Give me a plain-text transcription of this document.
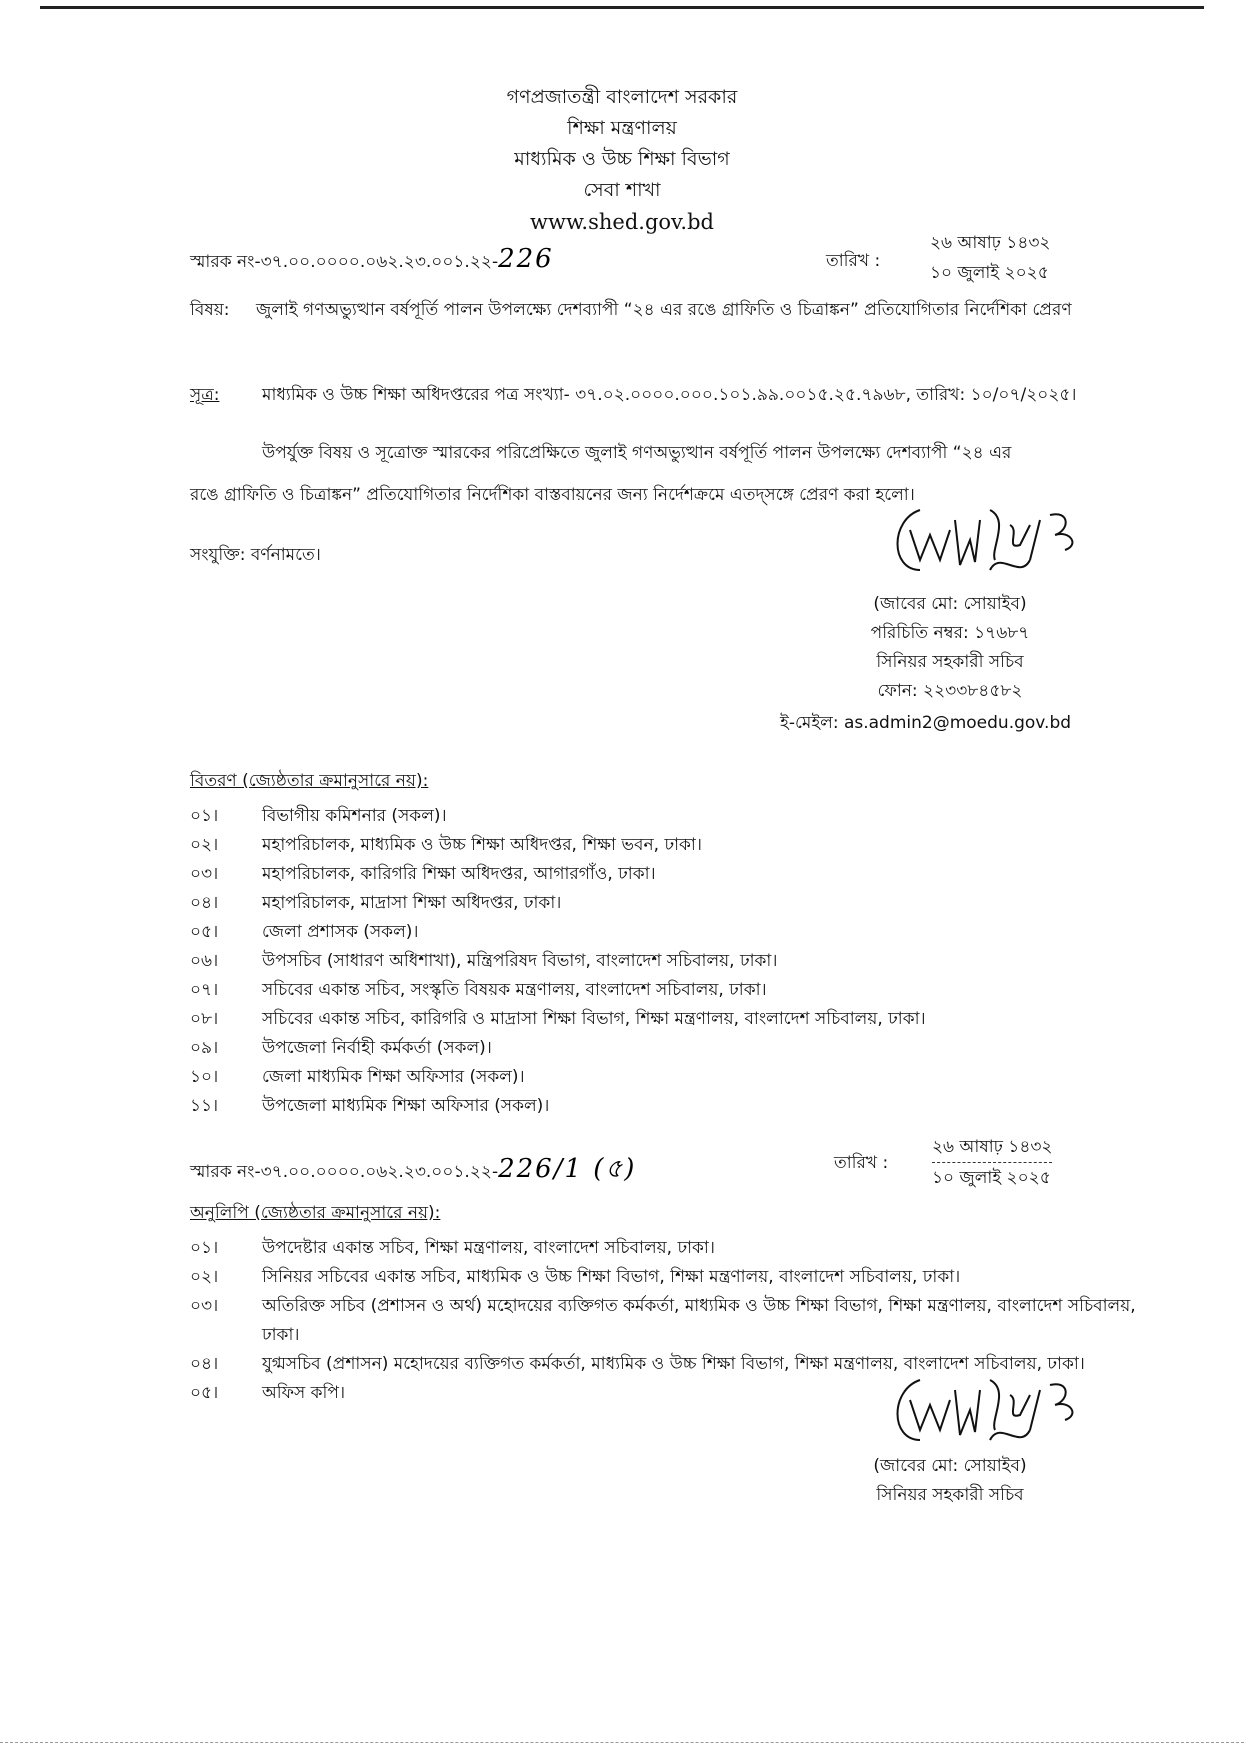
গণপ্রজাতন্ত্রী বাংলাদেশ সরকার
শিক্ষা মন্ত্রণালয়
মাধ্যমিক ও উচ্চ শিক্ষা বিভাগ
সেবা শাখা
www.shed.gov.bd
স্মারক নং-৩৭.০০.০০০০.০৬২.২৩.০০১.২২-226	তারিখ :
২৬ আষাঢ় ১৪৩২
১০ জুলাই ২০২৫
বিষয়: জুলাই গণঅভ্যুত্থান বর্ষপূর্তি পালন উপলক্ষ্যে দেশব্যাপী “২৪ এর রঙে গ্রাফিতি ও চিত্রাঙ্কন” প্রতিযোগিতার নির্দেশিকা প্রেরণ
সূত্র:	মাধ্যমিক ও উচ্চ শিক্ষা অধিদপ্তরের পত্র সংখ্যা- ৩৭.০২.০০০০.০০০.১০১.৯৯.০০১৫.২৫.৭৯৬৮, তারিখ: ১০/০৭/২০২৫।
উপর্যুক্ত বিষয় ও সূত্রোক্ত স্মারকের পরিপ্রেক্ষিতে জুলাই গণঅভ্যুত্থান বর্ষপূর্তি পালন উপলক্ষ্যে দেশব্যাপী “২৪ এর
রঙে গ্রাফিতি ও চিত্রাঙ্কন” প্রতিযোগিতার নির্দেশিকা বাস্তবায়নের জন্য নির্দেশক্রমে এতদ্‌সঙ্গে প্রেরণ করা হলো।
সংযুক্তি: বর্ণনামতে।
(জাবের মো: সোয়াইব)
পরিচিতি নম্বর: ১৭৬৮৭
সিনিয়র সহকারী সচিব
ফোন: ২২৩৩৮৪৫৮২
ই-মেইল: as.admin2@moedu.gov.bd
বিতরণ (জ্যেষ্ঠতার ক্রমানুসারে নয়):
০১।	বিভাগীয় কমিশনার (সকল)।
০২।	মহাপরিচালক, মাধ্যমিক ও উচ্চ শিক্ষা অধিদপ্তর, শিক্ষা ভবন, ঢাকা।
০৩।	মহাপরিচালক, কারিগরি শিক্ষা অধিদপ্তর, আগারগাঁও, ঢাকা।
০৪।	মহাপরিচালক, মাদ্রাসা শিক্ষা অধিদপ্তর, ঢাকা।
০৫।	জেলা প্রশাসক (সকল)।
০৬।	উপসচিব (সাধারণ অধিশাখা), মন্ত্রিপরিষদ বিভাগ, বাংলাদেশ সচিবালয়, ঢাকা।
০৭।	সচিবের একান্ত সচিব, সংস্কৃতি বিষয়ক মন্ত্রণালয়, বাংলাদেশ সচিবালয়, ঢাকা।
০৮।	সচিবের একান্ত সচিব, কারিগরি ও মাদ্রাসা শিক্ষা বিভাগ, শিক্ষা মন্ত্রণালয়, বাংলাদেশ সচিবালয়, ঢাকা।
০৯।	উপজেলা নির্বাহী কর্মকর্তা (সকল)।
১০।	জেলা মাধ্যমিক শিক্ষা অফিসার (সকল)।
১১।	উপজেলা মাধ্যমিক শিক্ষা অফিসার (সকল)।
স্মারক নং-৩৭.০০.০০০০.০৬২.২৩.০০১.২২-226/1 (৫)	তারিখ :
২৬ আষাঢ় ১৪৩২
১০ জুলাই ২০২৫
অনুলিপি (জ্যেষ্ঠতার ক্রমানুসারে নয়):
০১।	উপদেষ্টার একান্ত সচিব, শিক্ষা মন্ত্রণালয়, বাংলাদেশ সচিবালয়, ঢাকা।
০২।	সিনিয়র সচিবের একান্ত সচিব, মাধ্যমিক ও উচ্চ শিক্ষা বিভাগ, শিক্ষা মন্ত্রণালয়, বাংলাদেশ সচিবালয়, ঢাকা।
০৩।	অতিরিক্ত সচিব (প্রশাসন ও অর্থ) মহোদয়ের ব্যক্তিগত কর্মকর্তা, মাধ্যমিক ও উচ্চ শিক্ষা বিভাগ, শিক্ষা মন্ত্রণালয়, বাংলাদেশ সচিবালয়, ঢাকা।
০৪।	যুগ্মসচিব (প্রশাসন) মহোদয়ের ব্যক্তিগত কর্মকর্তা, মাধ্যমিক ও উচ্চ শিক্ষা বিভাগ, শিক্ষা মন্ত্রণালয়, বাংলাদেশ সচিবালয়, ঢাকা।
০৫।	অফিস কপি।
(জাবের মো: সোয়াইব)
সিনিয়র সহকারী সচিব
